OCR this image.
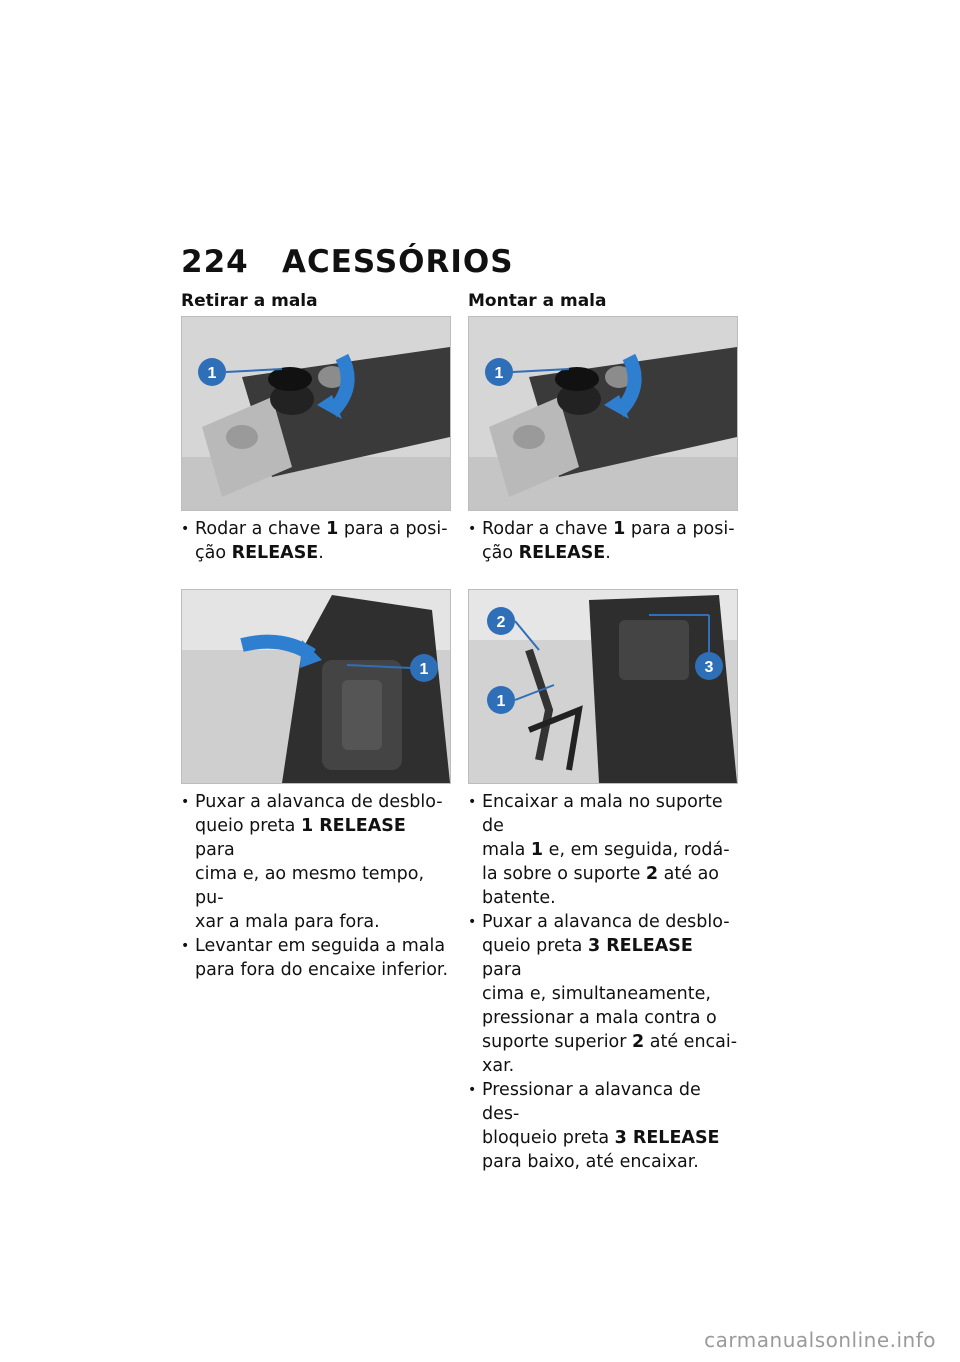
224 ACESSÓRIOS
Retirar a mala
1
• Rodar a chave 1 para a posi-
ção RELEASE.
1
• Puxar a alavanca de desblo-
queio preta 1 RELEASE para
cima e, ao mesmo tempo, pu-
xar a mala para fora.
• Levantar em seguida a mala
para fora do encaixe inferior.
Montar a mala
1
• Rodar a chave 1 para a posi-
ção RELEASE.
2
1
3
• Encaixar a mala no suporte de
mala 1 e, em seguida, rodá-
la sobre o suporte 2 até ao
batente.
• Puxar a alavanca de desblo-
queio preta 3 RELEASE para
cima e, simultaneamente,
pressionar a mala contra o
suporte superior 2 até encai-
xar.
• Pressionar a alavanca de des-
bloqueio preta 3 RELEASE
para baixo, até encaixar.
carmanualsonline.info
